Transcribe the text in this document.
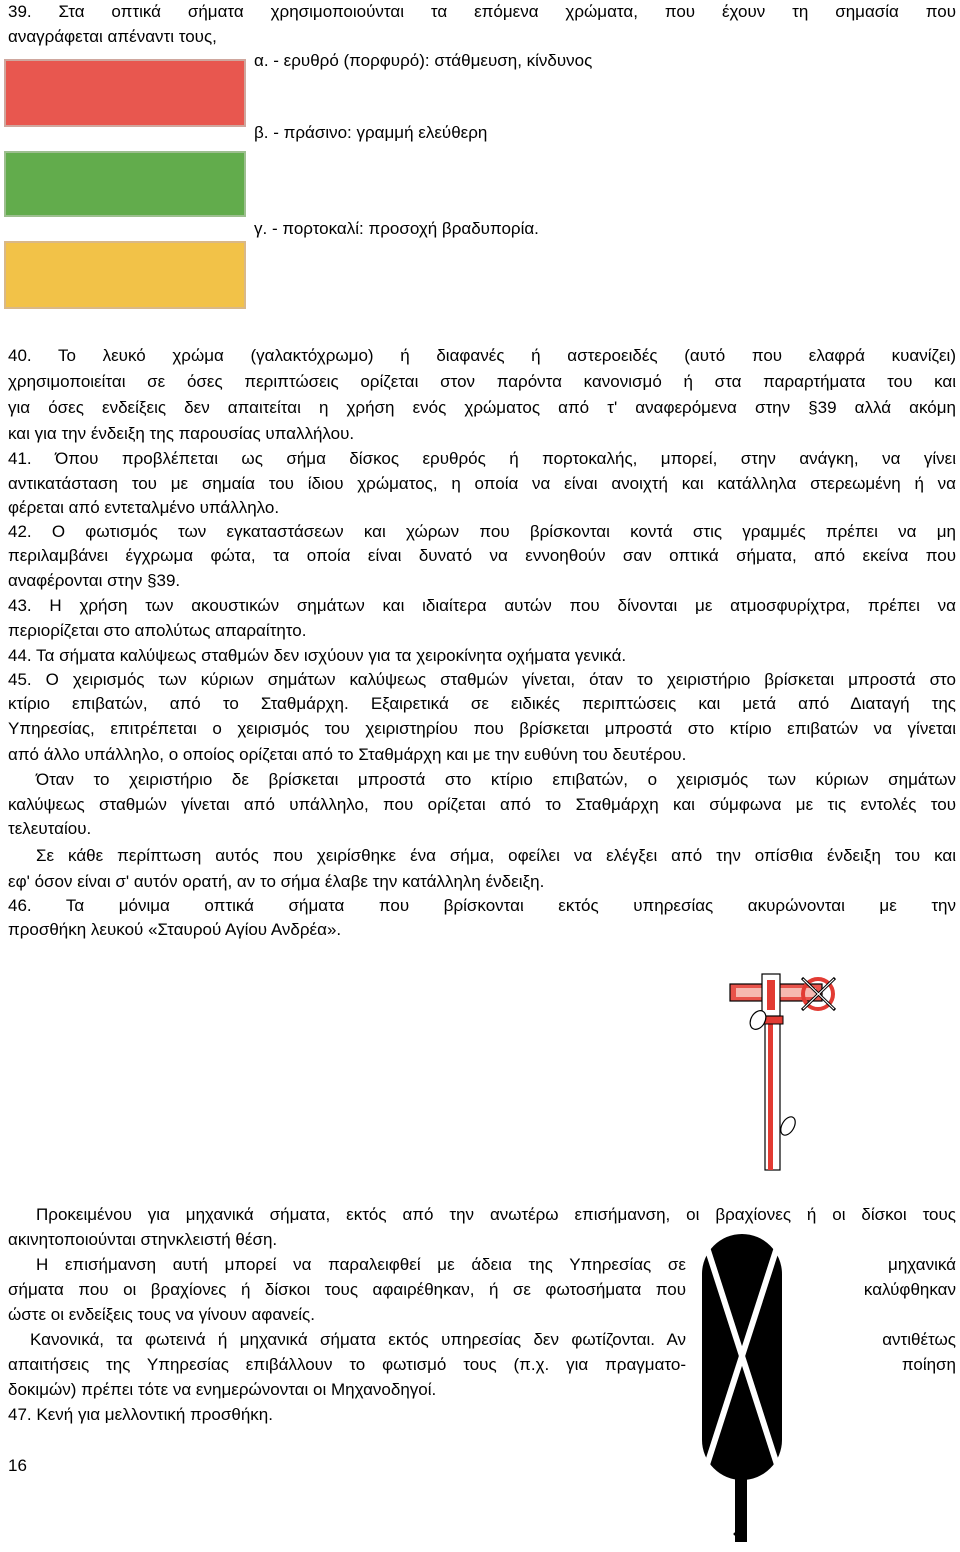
39. Στα οπτικά σήματα χρησιμοποιούνται τα επόμενα χρώματα, που έχουν τη σημασία που
αναγράφεται απέναντι τους,
α. - ερυθρό (πορφυρό): στάθμευση, κίνδυνος
β. - πράσινο: γραμμή ελεύθερη
γ. - πορτοκαλί: προσοχή βραδυπορία.
40. Το λευκό χρώμα (γαλακτόχρωμο) ή διαφανές ή αστεροειδές (αυτό που ελαφρά κυανίζει)
χρησιμοποιείται σε όσες περιπτώσεις ορίζεται στον παρόντα κανονισμό ή στα παραρτήματα του και
για όσες ενδείξεις δεν απαιτείται η χρήση ενός χρώματος από τ' αναφερόμενα στην §39 αλλά ακόμη
και για την ένδειξη της παρουσίας υπαλλήλου.
41. Όπου προβλέπεται ως σήμα δίσκος ερυθρός ή πορτοκαλής, μπορεί, στην ανάγκη, να γίνει
αντικατάσταση του με σημαία του ίδιου χρώματος, η οποία να είναι ανοιχτή και κατάλληλα στερεωμένη ή να
φέρεται από εντεταλμένο υπάλληλο.
42. Ο φωτισμός των εγκαταστάσεων και χώρων που βρίσκονται κοντά στις γραμμές πρέπει να μη
περιλαμβάνει έγχρωμα φώτα, τα οποία είναι δυνατό να εννοηθούν σαν οπτικά σήματα, από εκείνα που
αναφέρονται στην §39.
43. Η χρήση των ακουστικών σημάτων και ιδιαίτερα αυτών που δίνονται με ατμοσφυρίχτρα, πρέπει να
περιορίζεται στο απολύτως απαραίτητο.
44. Τα σήματα καλύψεως σταθμών δεν ισχύουν για τα χειροκίνητα οχήματα γενικά.
45. Ο χειρισμός των κύριων σημάτων καλύψεως σταθμών γίνεται, όταν το χειριστήριο βρίσκεται μπροστά στο
κτίριο επιβατών, από το Σταθμάρχη. Εξαιρετικά σε ειδικές περιπτώσεις και μετά από Διαταγή της
Υπηρεσίας, επιτρέπεται ο χειρισμός του χειριστηρίου που βρίσκεται μπροστά στο κτίριο επιβατών να γίνεται
από άλλο υπάλληλο, ο οποίος ορίζεται από το Σταθμάρχη και με την ευθύνη του δευτέρου.
Όταν το χειριστήριο δε βρίσκεται μπροστά στο κτίριο επιβατών, ο χειρισμός των κύριων σημάτων
καλύψεως σταθμών γίνεται από υπάλληλο, που ορίζεται από το Σταθμάρχη και σύμφωνα με τις εντολές του
τελευταίου.
Σε κάθε περίπτωση αυτός που χειρίσθηκε ένα σήμα, οφείλει να ελέγξει από την οπίσθια ένδειξη του και
εφ' όσον είναι σ' αυτόν ορατή, αν το σήμα έλαβε την κατάλληλη ένδειξη.
46. Τα μόνιμα οπτικά σήματα που βρίσκονται εκτός υπηρεσίας ακυρώνονται με την
προσθήκη λευκού «Σταυρού Αγίου Ανδρέα».
Προκειμένου για μηχανικά σήματα, εκτός από την ανωτέρω επισήμανση, οι βραχίονες ή οι δίσκοι τους
ακινητοποιούνται στηνκλειστή θέση.
Η επισήμανση αυτή μπορεί να παραλειφθεί με άδεια της Υπηρεσίας σε	μηχανικά
σήματα που οι βραχίονες ή δίσκοι τους αφαιρέθηκαν, ή σε φωτοσήματα που	καλύφθηκαν
ώστε οι ενδείξεις τους να γίνουν αφανείς.
Κανονικά, τα φωτεινά ή μηχανικά σήματα εκτός υπηρεσίας δεν φωτίζονται. Αν	αντιθέτως
απαιτήσεις της Υπηρεσίας επιβάλλουν το φωτισμό τους (π.χ. για πραγματο-	ποίηση
δοκιμών) πρέπει τότε να ενημερώνονται οι Μηχανοδηγοί.
47. Κενή για μελλοντική προσθήκη.
16
